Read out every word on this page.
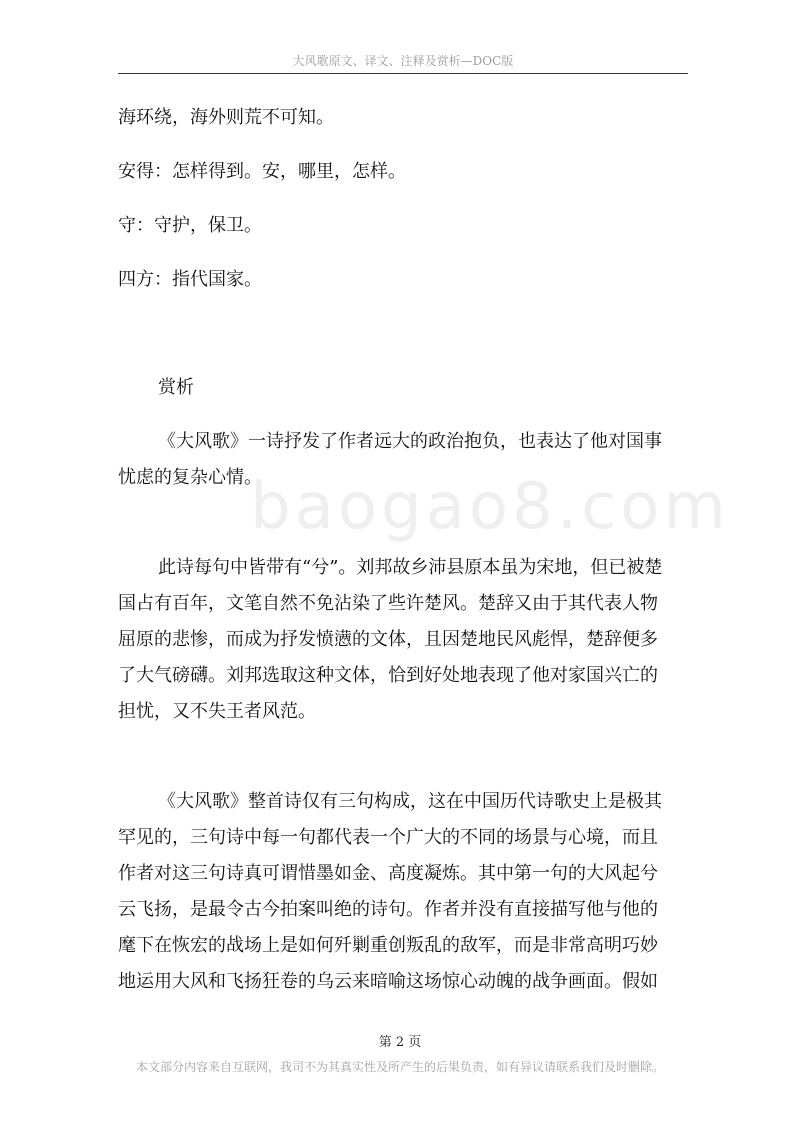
大风歌原文、译文、注释及赏析—DOC版
baogao8.com
海环绕，海外则荒不可知。
安得：怎样得到。安，哪里，怎样。
守：守护，保卫。
四方：指代国家。
赏析
《大风歌》一诗抒发了作者远大的政治抱负，也表达了他对国事
忧虑的复杂心情。
此诗每句中皆带有“兮”。刘邦故乡沛县原本虽为宋地，但已被楚
国占有百年，文笔自然不免沾染了些许楚风。楚辞又由于其代表人物
屈原的悲惨，而成为抒发愤懑的文体，且因楚地民风彪悍，楚辞便多
了大气磅礴。刘邦选取这种文体，恰到好处地表现了他对家国兴亡的
担忧，又不失王者风范。
《大风歌》整首诗仅有三句构成，这在中国历代诗歌史上是极其
罕见的，三句诗中每一句都代表一个广大的不同的场景与心境，而且
作者对这三句诗真可谓惜墨如金、高度凝炼。其中第一句的大风起兮
云飞扬，是最令古今拍案叫绝的诗句。作者并没有直接描写他与他的
麾下在恢宏的战场上是如何歼剿重创叛乱的敌军，而是非常高明巧妙
地运用大风和飞扬狂卷的乌云来暗喻这场惊心动魄的战争画面。假如
第 2 页
本文部分内容来自互联网，我司不为其真实性及所产生的后果负责，如有异议请联系我们及时删除。
